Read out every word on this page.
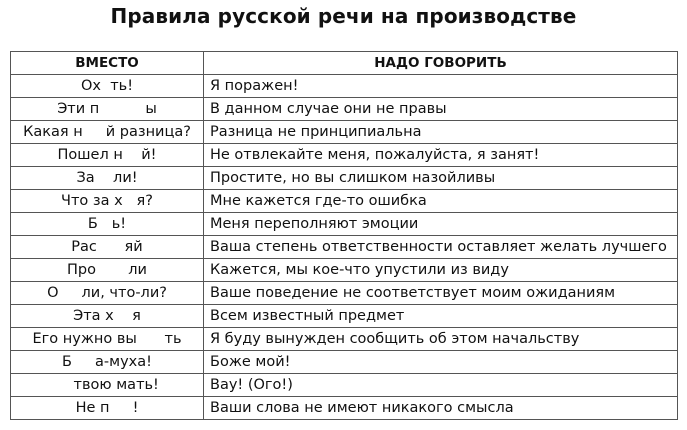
Правила русской речи на производстве
ВМЕСТО	НАДО ГОВОРИТЬ
Ох  ть!	Я поражен!
Эти п          ы	В данном случае они не правы
Какая н     й разница?	Разница не принципиальна
Пошел н    й!	Не отвлекайте меня, пожалуйста, я занят!
За    ли!	Простите, но вы слишком назойливы
Что за х   я?	Мне кажется где-то ошибка
Б   ь!	Меня переполняют эмоции
Рас      яй	Ваша степень ответственности оставляет желать лучшего
Про       ли	Кажется, мы кое-что упустили из виду
О     ли, что-ли?	Ваше поведение не соответствует моим ожиданиям
Эта х    я	Всем известный предмет
Его нужно вы      ть	Я буду вынужден сообщить об этом начальству
Б     а-муха!	Боже мой!
твою мать!	Вау! (Ого!)
Не п     !	Ваши слова не имеют никакого смысла
